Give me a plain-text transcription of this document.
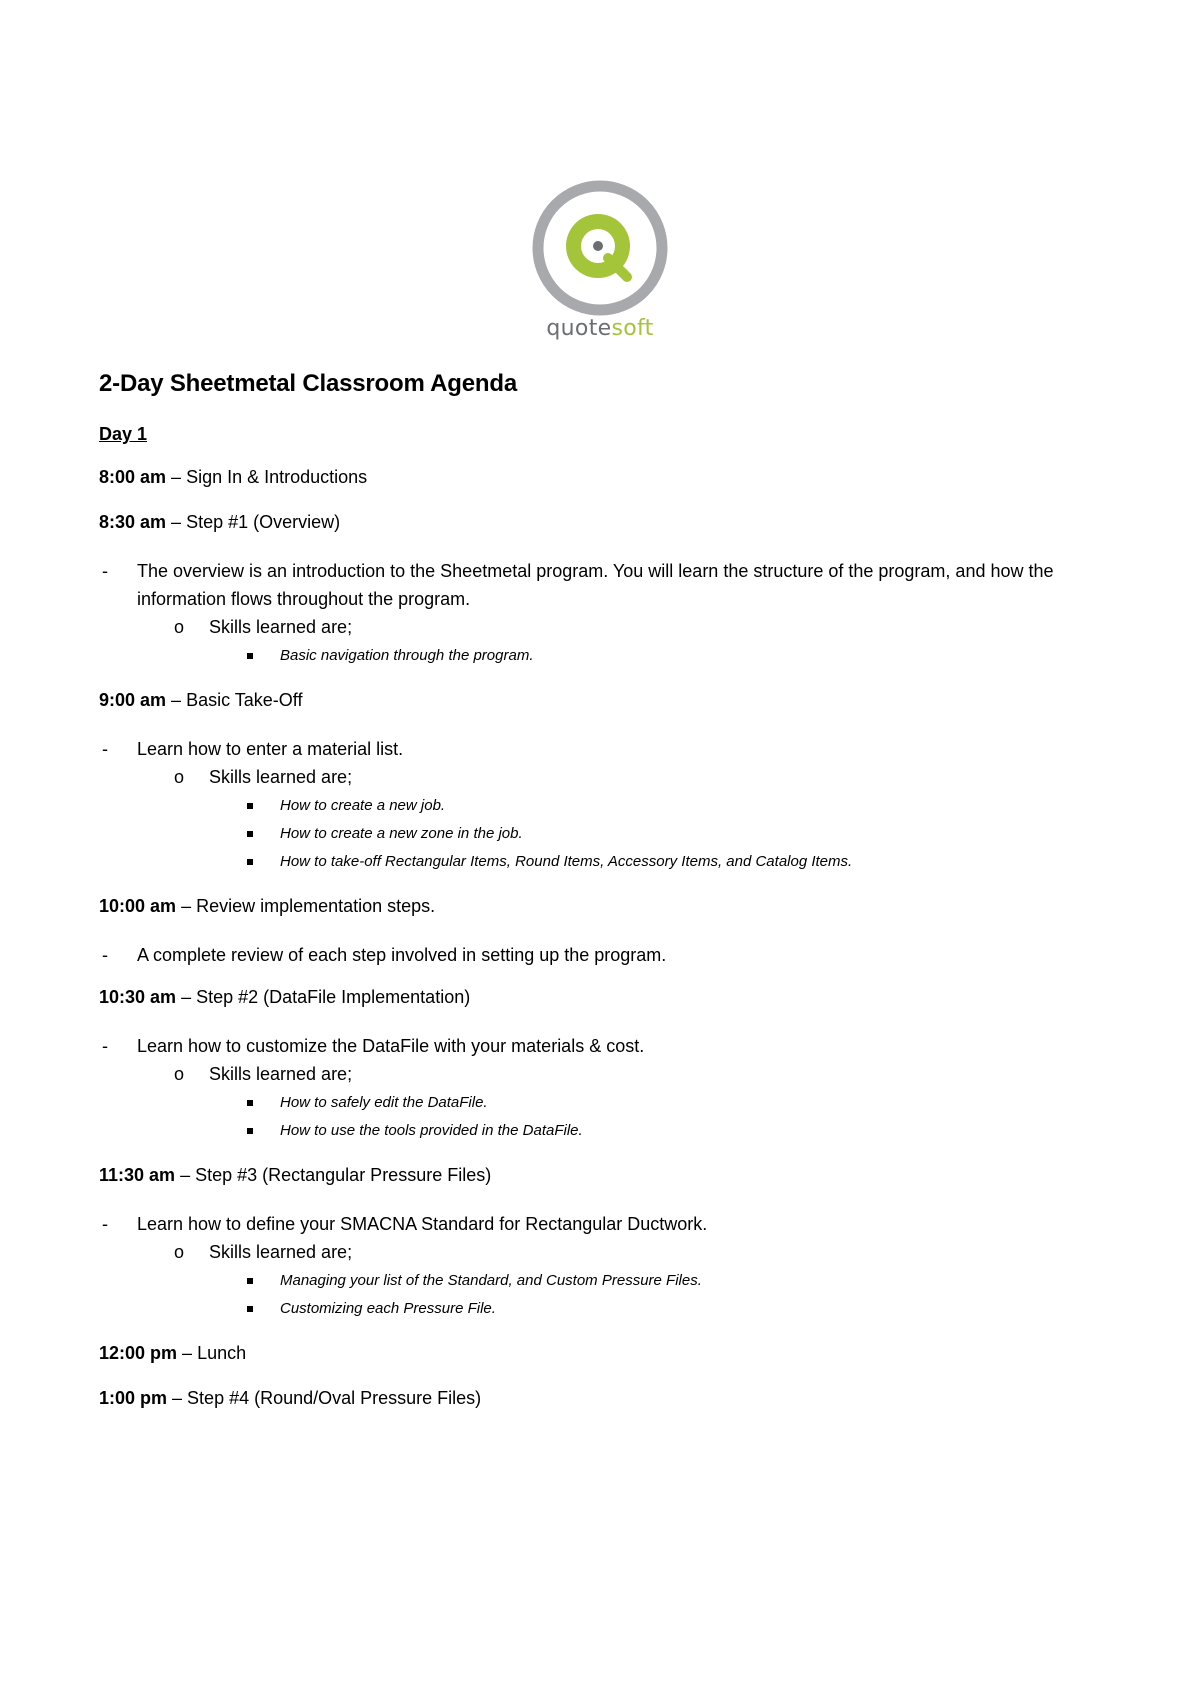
quotesoft
2-Day Sheetmetal Classroom Agenda
Day 1
8:00 am – Sign In & Introductions
8:30 am – Step #1 (Overview)
- The overview is an introduction to the Sheetmetal program. You will learn the structure of the program, and how the information flows throughout the program.
o Skills learned are;
Basic navigation through the program.
9:00 am – Basic Take-Off
- Learn how to enter a material list.
o Skills learned are;
How to create a new job.
How to create a new zone in the job.
How to take-off Rectangular Items, Round Items, Accessory Items, and Catalog Items.
10:00 am – Review implementation steps.
- A complete review of each step involved in setting up the program.
10:30 am – Step #2 (DataFile Implementation)
- Learn how to customize the DataFile with your materials & cost.
o Skills learned are;
How to safely edit the DataFile.
How to use the tools provided in the DataFile.
11:30 am – Step #3 (Rectangular Pressure Files)
- Learn how to define your SMACNA Standard for Rectangular Ductwork.
o Skills learned are;
Managing your list of the Standard, and Custom Pressure Files.
Customizing each Pressure File.
12:00 pm – Lunch
1:00 pm – Step #4 (Round/Oval Pressure Files)
